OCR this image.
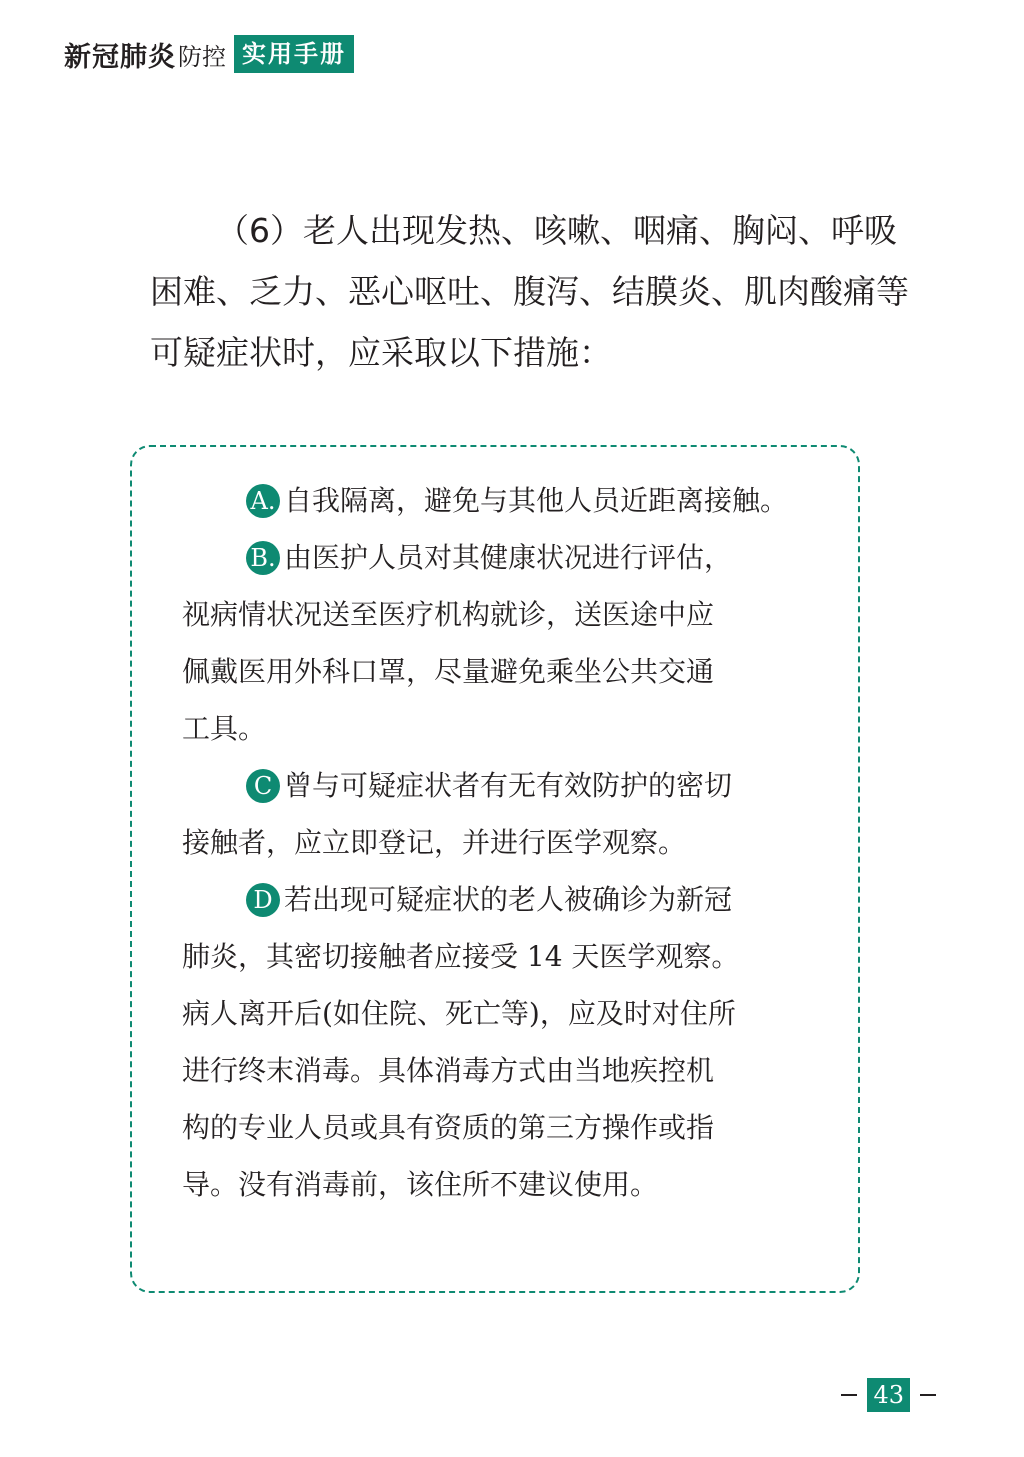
新冠肺炎 防控 实用手册
（6）老人出现发热、咳嗽、咽痛、胸闷、呼吸
困难、乏力、恶心呕吐、腹泻、结膜炎、肌肉酸痛等
可疑症状时，应采取以下措施：
A. 自我隔离，避免与其他人员近距离接触。
B. 由医护人员对其健康状况进行评估，
视病情状况送至医疗机构就诊，送医途中应
佩戴医用外科口罩，尽量避免乘坐公共交通
工具。
C 曾与可疑症状者有无有效防护的密切
接触者，应立即登记，并进行医学观察。
D 若出现可疑症状的老人被确诊为新冠
肺炎，其密切接触者应接受 14 天医学观察。
病人离开后(如住院、死亡等)，应及时对住所
进行终末消毒。具体消毒方式由当地疾控机
构的专业人员或具有资质的第三方操作或指
导。没有消毒前，该住所不建议使用。
43
